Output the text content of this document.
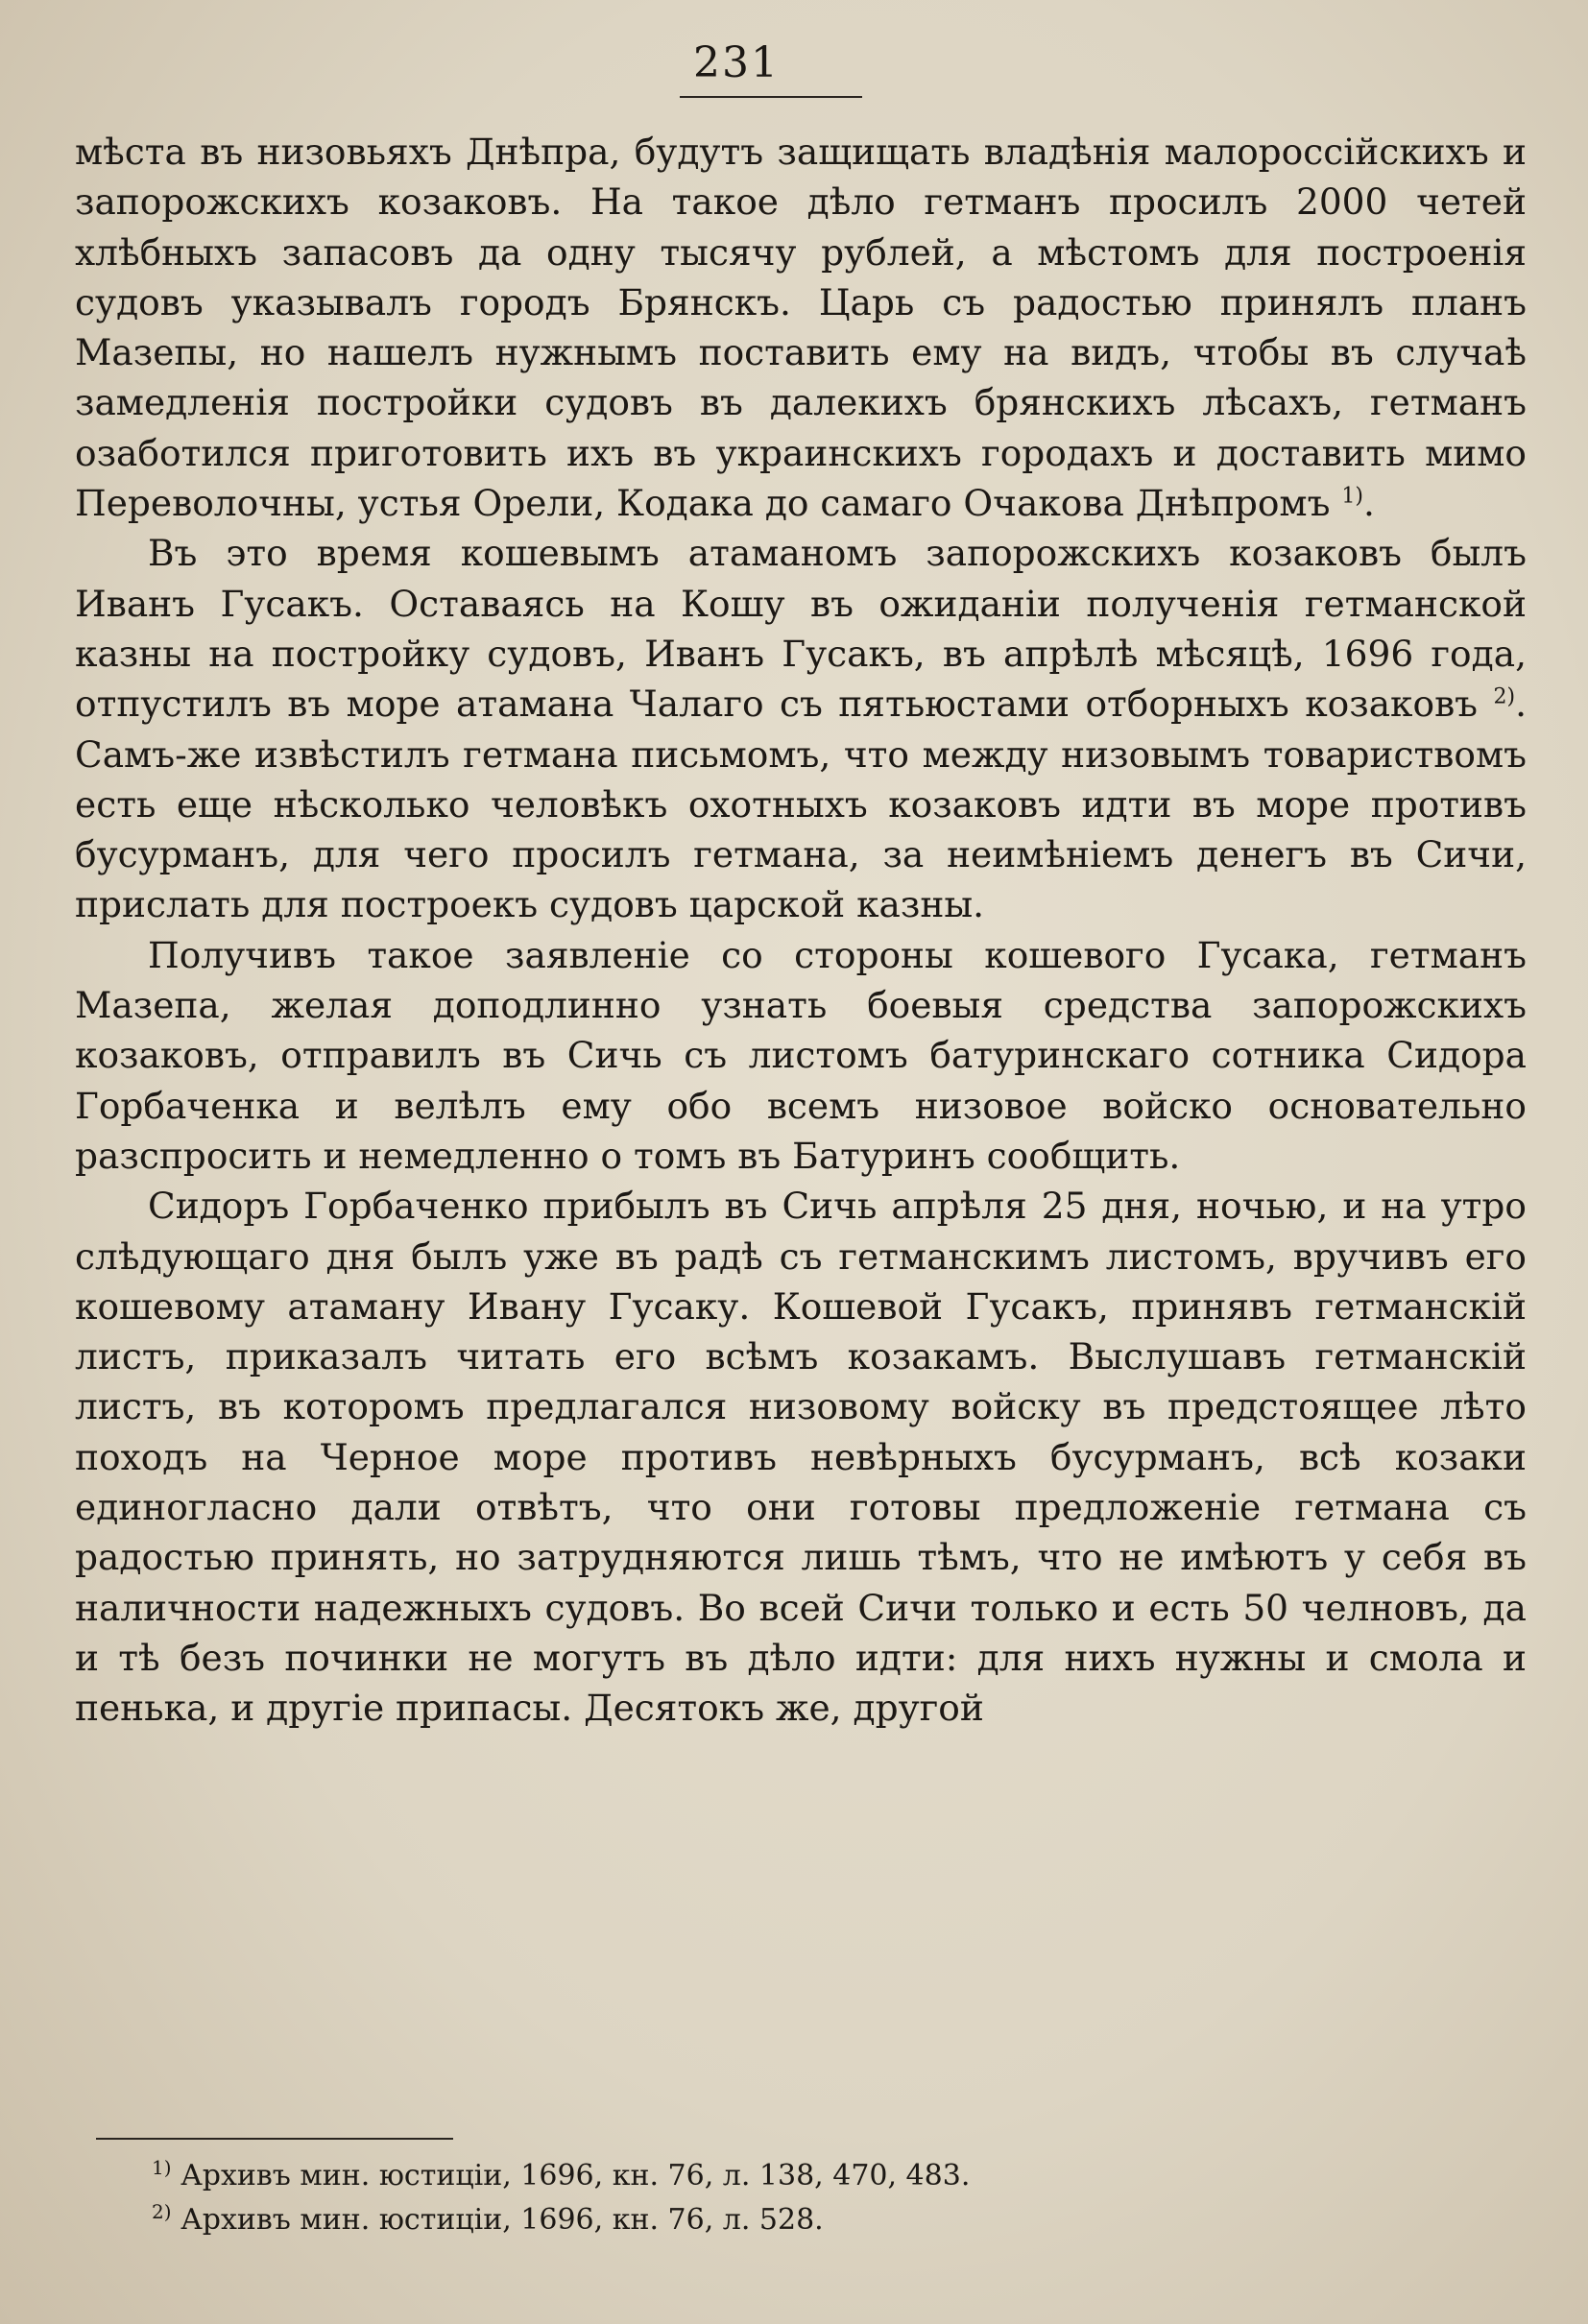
231

мѣста въ низовьяхъ Днѣпра, будутъ защищать владѣнія малороссійскихъ и запорожскихъ козаковъ. На такое дѣло гетманъ просилъ 2000 четей хлѣбныхъ запасовъ да одну тысячу рублей, а мѣстомъ для построенія судовъ указывалъ городъ Брянскъ. Царь съ радостью принялъ планъ Мазепы, но нашелъ нужнымъ поставить ему на видъ, чтобы въ случаѣ замедленія постройки судовъ въ далекихъ брянскихъ лѣсахъ, гетманъ озаботился приготовить ихъ въ украинскихъ городахъ и доставить мимо Переволочны, устья Орели, Кодака до самаго Очакова Днѣпромъ $^{1)}$.

Въ это время кошевымъ атаманомъ запорожскихъ козаковъ былъ Иванъ Гусакъ. Оставаясь на Кошу въ ожиданіи полученія гетманской казны на постройку судовъ, Иванъ Гусакъ, въ апрѣлѣ мѣсяцѣ, 1696 года, отпустилъ въ море атамана Чалаго съ пятьюстами отборныхъ козаковъ $^{2)}$. Самъ-же извѣстилъ гетмана письмомъ, что между низовымъ товариствомъ есть еще нѣсколько человѣкъ охотныхъ козаковъ идти въ море противъ бусурманъ, для чего просилъ гетмана, за неимѣніемъ денегъ въ Сичи, прислать для построекъ судовъ царской казны.

Получивъ такое заявленіе со стороны кошевого Гусака, гетманъ Мазепа, желая доподлинно узнать боевыя средства запорожскихъ козаковъ, отправилъ въ Сичь съ листомъ батуринскаго сотника Сидора Горбаченка и велѣлъ ему обо всемъ низовое войско основательно разспросить и немедленно о томъ въ Батуринъ сообщить.

Сидоръ Горбаченко прибылъ въ Сичь апрѣля 25 дня, ночью, и на утро слѣдующаго дня былъ уже въ радѣ съ гетманскимъ листомъ, вручивъ его кошевому атаману Ивану Гусаку. Кошевой Гусакъ, принявъ гетманскій листъ, приказалъ читать его всѣмъ козакамъ. Выслушавъ гетманскій листъ, въ которомъ предлагался низовому войску въ предстоящее лѣто походъ на Черное море противъ невѣрныхъ бусурманъ, всѣ козаки единогласно дали отвѣтъ, что они готовы предложеніе гетмана съ радостью принять, но затрудняются лишь тѣмъ, что не имѣютъ у себя въ наличности надежныхъ судовъ. Во всей Сичи только и есть 50 челновъ, да и тѣ безъ починки не могутъ въ дѣло идти: для нихъ нужны и смола и пенька, и другіе припасы. Десятокъ же, другой

$^{1)}$ Архивъ мин. юстиціи, 1696, кн. 76, л. 138, 470, 483.
$^{2)}$ Архивъ мин. юстиціи, 1696, кн. 76, л. 528.
